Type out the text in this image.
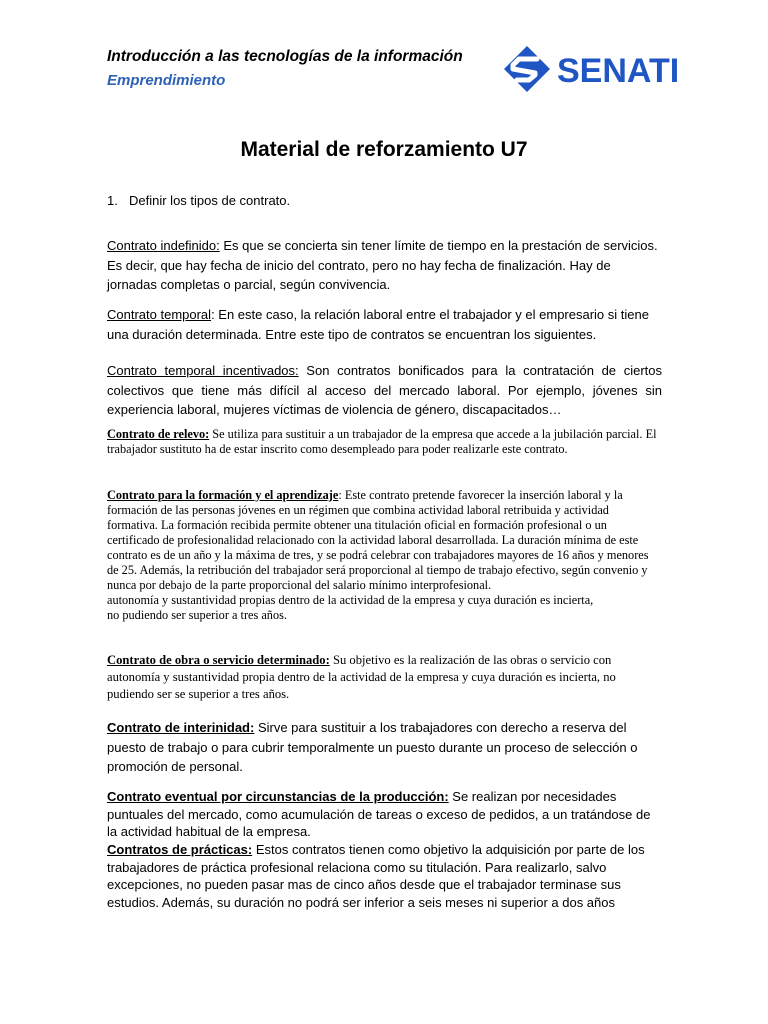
Introducción a las tecnologías de la información
Emprendimiento	SENATI
Material de reforzamiento U7

1. Definir los tipos de contrato.

Contrato indefinido: Es que se concierta sin tener límite de tiempo en la prestación de servicios. Es decir, que hay fecha de inicio del contrato, pero no hay fecha de finalización. Hay de jornadas completas o parcial, según convivencia.

Contrato temporal: En este caso, la relación laboral entre el trabajador y el empresario si tiene una duración determinada. Entre este tipo de contratos se encuentran los siguientes.

Contrato temporal incentivados: Son contratos bonificados para la contratación de ciertos colectivos que tiene más difícil al acceso del mercado laboral. Por ejemplo, jóvenes sin experiencia laboral, mujeres víctimas de violencia de género, discapacitados…

Contrato de relevo: Se utiliza para sustituir a un trabajador de la empresa que accede a la jubilación parcial. El trabajador sustituto ha de estar inscrito como desempleado para poder realizarle este contrato.

Contrato para la formación y el aprendizaje: Este contrato pretende favorecer la inserción laboral y la formación de las personas jóvenes en un régimen que combina actividad laboral retribuida y actividad formativa. La formación recibida permite obtener una titulación oficial en formación profesional o un certificado de profesionalidad relacionado con la actividad laboral desarrollada. La duración mínima de este contrato es de un año y la máxima de tres, y se podrá celebrar con trabajadores mayores de 16 años y menores de 25. Además, la retribución del trabajador será proporcional al tiempo de trabajo efectivo, según convenio y nunca por debajo de la parte proporcional del salario mínimo interprofesional.

autonomía y sustantividad propias dentro de la actividad de la empresa y cuya duración es incierta,

no pudiendo ser superior a tres años.

Contrato de obra o servicio determinado: Su objetivo es la realización de las obras o servicio con autonomía y sustantividad propia dentro de la actividad de la empresa y cuya duración es incierta, no pudiendo ser se superior a tres años.

Contrato de interinidad: Sirve para sustituir a los trabajadores con derecho a reserva del puesto de trabajo o para cubrir temporalmente un puesto durante un proceso de selección o promoción de personal.

Contrato eventual por circunstancias de la producción: Se realizan por necesidades puntuales del mercado, como acumulación de tareas o exceso de pedidos, a un tratándose de la actividad habitual de la empresa.

Contratos de prácticas: Estos contratos tienen como objetivo la adquisición por parte de los trabajadores de práctica profesional relaciona como su titulación. Para realizarlo, salvo excepciones, no pueden pasar mas de cinco años desde que el trabajador terminase sus estudios. Además, su duración no podrá ser inferior a seis meses ni superior a dos años
